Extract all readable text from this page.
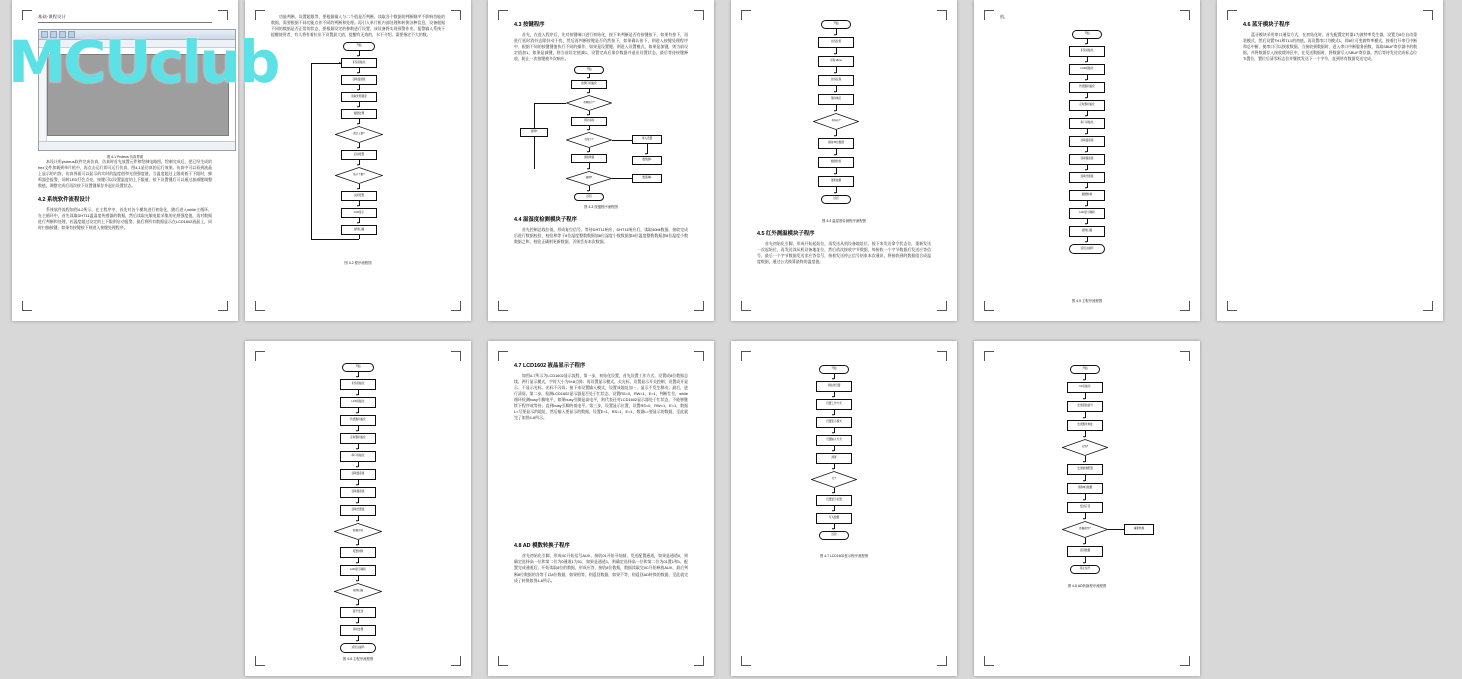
MCUclub
基础-课程设计
图 4-1 Proteus 仿真界面

本设计用proteus软件完成仿真，仿真时首先放置元件和绘制电路图，绘制完成后，把已经生成的hex文件加载到单片机中，再点击运行即可运行仿真，图4-1是仿真的运行效果。仿真中可以看到液晶上显示的内容，仿真界面可以显示的实时的温度值和光照强度值，当温度超过上限或低于下限时，蜂鸣器会报警，同时LED灯会点亮，按键可以设置温度的上下限值，按下设置键后可以通过加减键调整数值，调整完成后再次按下设置键保存并退出设置状态。

4.2 系统软件流程设计

系统软件流程如图4-2所示，在主程序中，首先对各个模块进行初始化，随后进入while主循环，在主循环中，首先读取DHT11温湿度传感器的数据，然后读取光敏电阻采集的光照强度值，再对数据进行判断和处理，若温度超过设定的上下限则启动报警，最后将所有数据显示在LCD1602液晶上，同时扫描按键，如果有按键按下则进入按键处理程序。

功能判断，设置超限等，要根据输入与二个值是否判断，读取各个数据的判断顺序不影响功能的数据，需要根据不同功能点作不同的判断和处理。再引入单片机内部处理和转换各种信息，设备根据不同的数据是否正常的状态，要根据设定的参数进行设置，该设备将实现预警作业，报警输入系统下提醒使用者，有人将有着拉出下设置最大值，提醒有无效的，水不介绍，需要指定不大的数。

开始
系统初始化
读取温湿度
读取光照强度
数据处理
超过上限?
启动报警
低于下限?
关闭报警
LCD显示
按键扫描
图 4-2 程序流程图
4.3 按键程序

首先，在进入程序后，先对按键端口进行初始化，接下来判断是否有按键按下，如果有按下，再进行延时消抖去除抖动干扰，然后再判断按键是否仍然按下，如果确认按下，则进入按键处理程序中，根据不同的按键键值执行不同的操作，如果是设置键，则进入设置模式，如果是加键，则当前设定值加1，如果是减键，则当前设定值减1，设置完成后保存数据并退出设置状态，最后等待按键释放，防止一次按键被多次响应。

开始
按键口初始化
有键按下?
延时消抖
仍按下?
读取键值
进入设置
数值加1
加键?
减键?	数值减1
返回
图 4-3 按键程序流程图
4.4 温湿度检测模块子程序

首先控制总线拉低，形成复位信号，等待DHT11响应，DHT11响应后，读取40bit数据，接收完成后进行数据校验，校验和等于8位湿度整数数据加8位湿度小数数据加8位温度整数数据加8位温度小数数据之和，校验正确则更新数据，否则丢弃本次数据。

开始
总线拉低
延时18ms
总线拉高
等待响应
有响应?
接收40位数据
数据校验
更新数据
返回
图 4-4 温湿度检测程序流程图
4.5 红外测温模块子程序

首先初始化引脚，形成开始起始位，再发送从机设备地址位，接下来发送命令状态位，重新发送一次起始位，再发送读从机设备地址位，然后依次接收字节数据，每接收一个字节数据后发送应答信号，最后一个字节数据发送非应答信号，接着发送停止信号结束本次通讯，将接收到的数据组合成温度数据，通过公式换算最终的温度值。

值。

4.6 蓝牙模块子程序

蓝牙模块采用串口通信方式，在初始化时，首先配置定时器1为波特率发生器，设置为8位自动重装模式，然后设置TH1和TL1的初值，再设置串口为模式1，即8位可变波特率模式，接着打开串行中断和总中断，使串口可以接收数据。当接收到数据时，进入串口中断服务函数，读取SBUF寄存器中的数据，并将数据存入接收缓冲区中，在发送数据时，将数据写入SBUF寄存器，然后等待发送完成标志位TI置位，置位后清零标志位并继续发送下一个字节，直到所有数据发送完成。

开始
系统初始化
LCD初始化
传感器初始化
定时器初始化
串口初始化
读取温度值
读取湿度值
读取光照值
数据转换
LCD显示刷新
按键扫描
返回主循环
图 4-5 主程序流程图
开始
系统初始化
LCD初始化
传感器初始化
定时器初始化
串口初始化
读取温度值
读取湿度值
读取光照值
数据比较
报警判断
LCD显示刷新
按键扫描
蓝牙发送
延时处理
返回主循环
图 4-5 主程序流程图
4.7 LCD1602 液晶显示子程序

如图4-7所示为LCD1602显示流程，第一步，初始化设置，首先设置工作方式，设置成8位数据总线，两行显示模式，字符大小为5×8点阵；再设置显示模式，关光标，设置显示开关控制，设置成开显示、不显示光标、光标不闪烁；接下来设置输入模式，设置成地址加一，显示不发生移动；最后，进行清屏。第二步，检测LCD1602显示器是否处于忙状态，设置RS=0，RW=1，E=1，判断忙位，while循环检测busy引脚电平，如果busy引脚是高电平，则代表还对LCD1602显示器处于忙状态，不能够继续下程序或等待，直到busy引脚的低电平。第三步，设置显示位置，设置RS=0，RW=1，E=1，数据L=写要显示的地址，然后输入要显示的数据，设置E=1，RS=1，E=1，数据L=要显示的数据，至此就完了如图4-6所示。

4.8 AD 模数转换子程序

首先初始化引脚，形成IIC开始信号AUX，接收01开始寻址帧，发送配置通道，如果是通道0，则确定选择高一位和第二位为0通道1为01，如果是通道1，则确定选择高一位和第二位为01置1和1，配置完成通道后，开始读取8位的数据，形成应答，接收8位数据，数据读取完IIC开始释放AUX，最后判断8位数据的各等于以8位数据，如果相等，则返回数据，如果不等，则返回AD转换的数据，至此就完成了转换如图4-6所示。

开始
初始化设置
设置工作方式
设置显示模式
设置输入方式
清屏
忙?
设置显示位置
写入数据
返回
图 4-7 LCD1602显示程序流程图
开始
IIC初始化
发送起始信号
发送器件地址
应答?
发送通道配置
读取8位数据
发送应答
数据相等?	重新转换
返回数据
停止信号
图 4-8 AD转换程序流程图
